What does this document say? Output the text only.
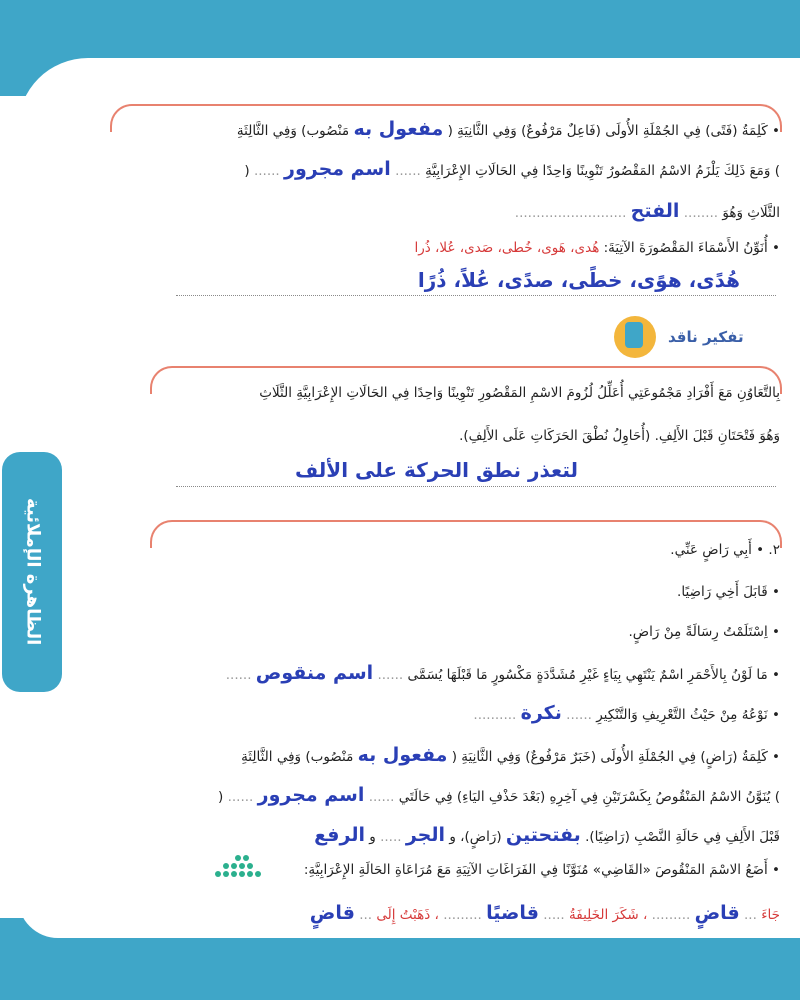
الظاهرة الإملائية
• كَلِمَةُ (فَتًى) فِي الجُمْلَةِ الأُولَى (فَاعِلٌ مَرْفُوعٌ) وَفِي الثَّانِيَةِ ( مفعول به مَنْصُوب) وَفِي الثَّالِثَةِ
) وَمَعَ ذَلِكَ يَلْزَمُ الاسْمُ المَقْصُورُ تَنْوِينًا وَاحِدًا فِي الحَالَاتِ الإِعْرَابِيَّةِ ...... اسم مجرور ...... (
الثَّلَاثِ وَهُوَ ........ الفتح ..........................
• أُنَوِّنُ الأَسْمَاءَ المَقْصُورَةَ الآتِيَةَ: هُدى، هَوى، خُطى، صَدى، عُلا، ذُرا
هُدًى، هوًى، خطًى، صدًى، عُلاً، ذُرًا
تفكير ناقد
بِالتَّعَاوُنِ مَعَ أَفْرَادِ مَجْمُوعَتِي أُعَلِّلُ لُزُومَ الاسْمِ المَقْصُورِ تَنْوِينًا وَاحِدًا فِي الحَالَاتِ الإِعْرَابِيَّةِ الثَّلَاثِ
وَهُوَ فَتْحَتَانِ قَبْلَ الأَلِفِ. (أُحَاوِلُ نُطْقَ الحَرَكَاتِ عَلَى الأَلِفِ).
لتعذر نطق الحركة على الألف
٢. • أَبِي رَاضٍ عَنِّي.
• قَابَلَ أَخِي رَاضِيًا.
• اِسْتَلَمْتُ رِسَالَةً مِنْ رَاضٍ.
• مَا لَوْنُ بِالأَحْمَرِ اسْمٌ يَنْتَهِي بِيَاءٍ غَيْرِ مُشَدَّدَةٍ مَكْسُورٍ مَا قَبْلَهَا يُسَمَّى ...... اسم منقوص ......
• نَوْعُهُ مِنْ حَيْثُ التَّعْرِيفِ وَالتَّنْكِيرِ ...... نكرة ..........
• كَلِمَةُ (رَاضٍ) فِي الجُمْلَةِ الأُولَى (خَبَرٌ مَرْفُوعٌ) وَفِي الثَّانِيَةِ ( مفعول به مَنْصُوب) وَفِي الثَّالِثَةِ
) يُنَوَّنُ الاسْمُ المَنْقُوصُ بِكَسْرَتَيْنِ فِي آخِرِهِ (بَعْدَ حَذْفِ اليَاءِ) فِي حَالَتَي ...... اسم مجرور ...... (
قَبْلَ الأَلِفِ فِي حَالَةِ النَّصْبِ (رَاضِيًا). بفتحتين (رَاضٍ)، و الجر ..... و الرفع
• أَضَعُ الاسْمَ المَنْقُوصَ «القَاضِي» مُنَوَّنًا فِي الفَرَاغَاتِ الآتِيَةِ مَعَ مُرَاعَاةِ الحَالَةِ الإِعْرَابِيَّةِ:
جَاءَ ... قاضٍ ......... ، شَكَرَ الخَلِيفَةُ ..... قاضيًا ......... ، ذَهَبْتُ إِلَى ... قاضٍ
